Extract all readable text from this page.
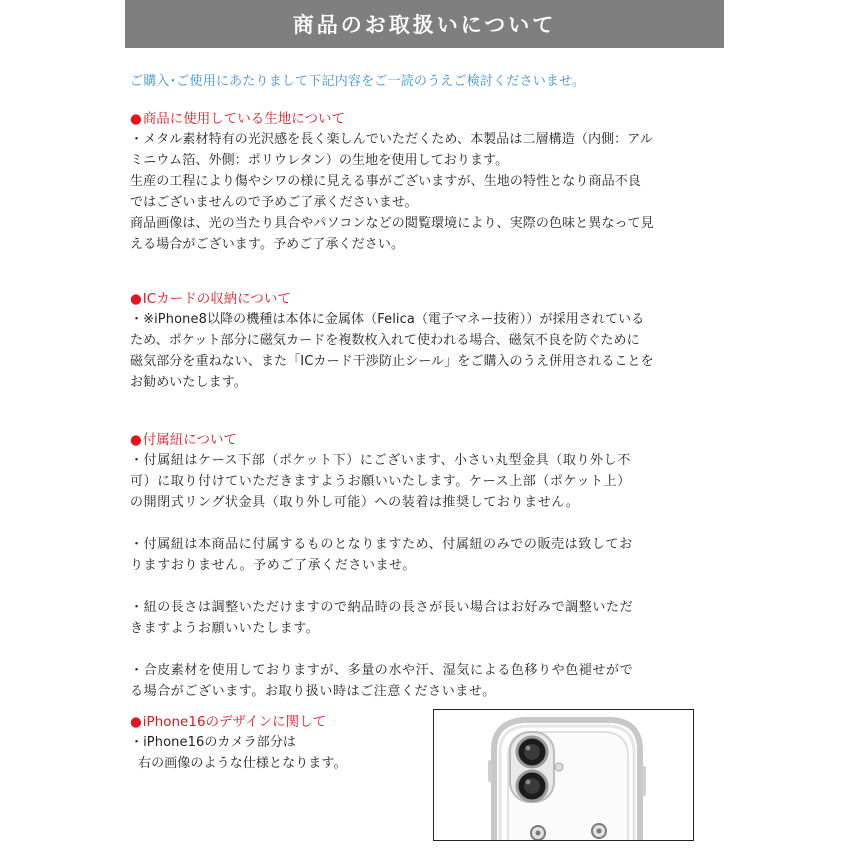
商品のお取扱いについて
ご購入･ご使用にあたりまして下記内容をご一読のうえご検討くださいませ。
●商品に使用している生地について

・メタル素材特有の光沢感を長く楽しんでいただくため、本製品は二層構造（内側：アル

ミニウム箔、外側：ポリウレタン）の生地を使用しております。

生産の工程により傷やシワの様に見える事がございますが、生地の特性となり商品不良

ではございませんので予めご了承くださいませ。

商品画像は、光の当たり具合やパソコンなどの閲覧環境により、実際の色味と異なって見

える場合がございます。予めご了承ください。

●ICカードの収納について

・※iPhone8以降の機種は本体に金属体（Felica（電子マネー技術））が採用されている

ため、ポケット部分に磁気カードを複数枚入れて使われる場合、磁気不良を防ぐために

磁気部分を重ねない、また「ICカード干渉防止シール」をご購入のうえ併用されることを

お勧めいたします。

●付属紐について

・付属紐はケース下部（ポケット下）にございます、小さい丸型金具（取り外し不

可）に取り付けていただきますようお願いいたします。ケース上部（ポケット上）

の開閉式リング状金具（取り外し可能）への装着は推奨しておりません。

・付属紐は本商品に付属するものとなりますため、付属紐のみでの販売は致してお

りますおりません。予めご了承くださいませ。

・紐の長さは調整いただけますので納品時の長さが長い場合はお好みで調整いただ

きますようお願いいたします。

・合皮素材を使用しておりますが、多量の水や汗、湿気による色移りや色褪せがで

る場合がございます。お取り扱い時はご注意くださいませ。

●iPhone16のデザインに関して

・iPhone16のカメラ部分は

右の画像のような仕様となります。
